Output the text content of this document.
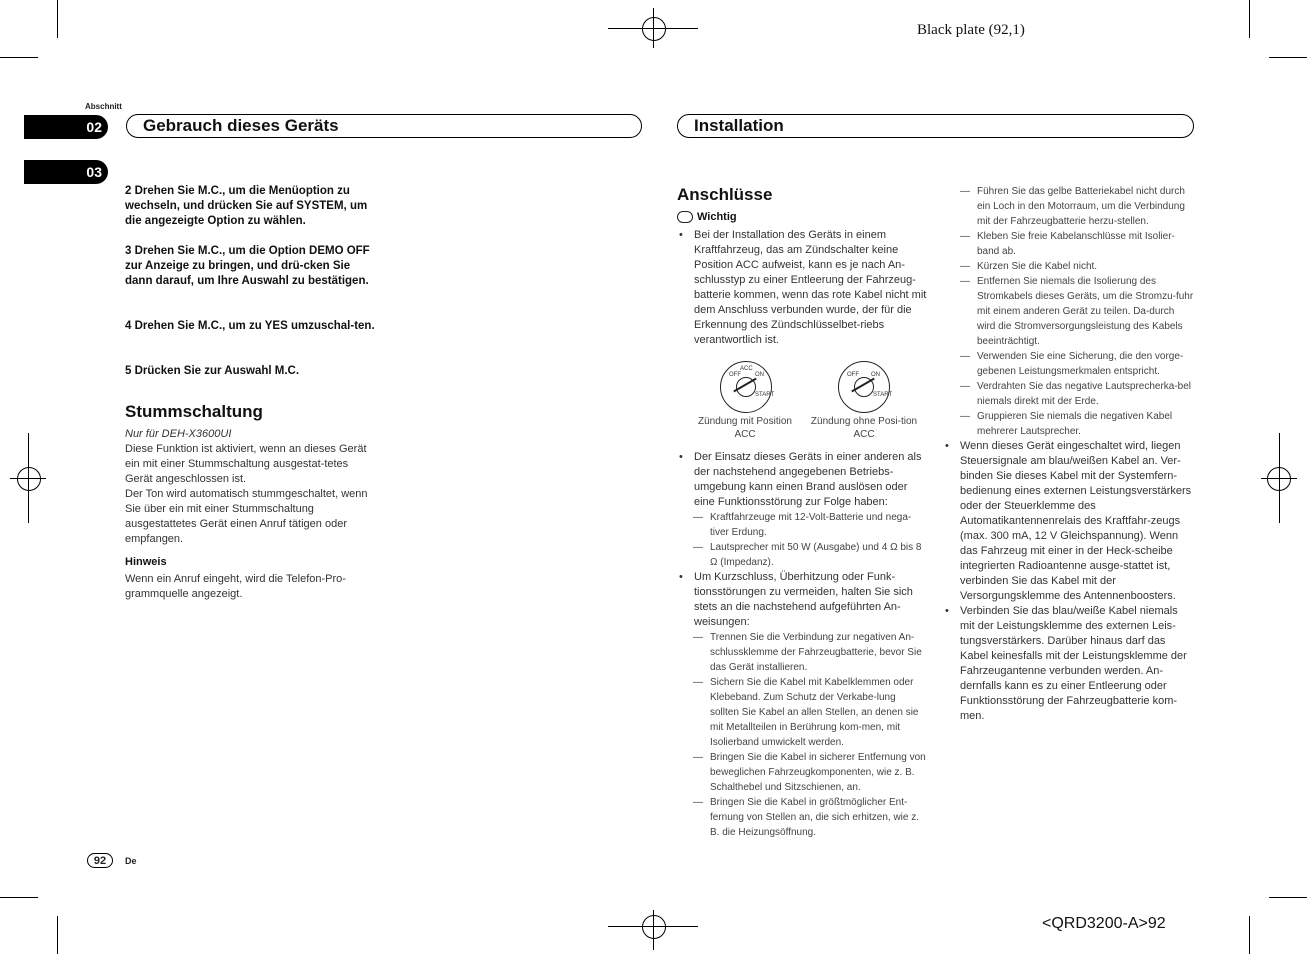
Black plate (92,1)
<QRD3200-A>92
Abschnitt
02
03
Gebrauch dieses Geräts	Installation
2 Drehen Sie M.C., um die Menüoption zu wechseln, und drücken Sie auf SYSTEM, um die angezeigte Option zu wählen.
3 Drehen Sie M.C., um die Option DEMO OFF zur Anzeige zu bringen, und drü-cken Sie dann darauf, um Ihre Auswahl zu bestätigen.
4 Drehen Sie M.C., um zu YES umzuschal-ten.
5 Drücken Sie zur Auswahl M.C.
Stummschaltung
Nur für DEH-X3600UI
Diese Funktion ist aktiviert, wenn an dieses Gerät ein mit einer Stummschaltung ausgestat-tetes Gerät angeschlossen ist.
Der Ton wird automatisch stummgeschaltet, wenn Sie über ein mit einer Stummschaltung ausgestattetes Gerät einen Anruf tätigen oder empfangen.
Hinweis
Wenn ein Anruf eingeht, wird die Telefon-Pro-grammquelle angezeigt.
Anschlüsse
Wichtig
• Bei der Installation des Geräts in einem Kraftfahrzeug, das am Zündschalter keine Position ACC aufweist, kann es je nach An-schlusstyp zu einer Entleerung der Fahrzeug-batterie kommen, wenn das rote Kabel nicht mit dem Anschluss verbunden wurde, der für die Erkennung des Zündschlüsselbet-riebs verantwortlich ist.
OFF
ACC
ON
START
OFF ON
START
Zündung mit Position ACC
Zündung ohne Posi-tion ACC
• Der Einsatz dieses Geräts in einer anderen als der nachstehend angegebenen Betriebs-umgebung kann einen Brand auslösen oder eine Funktionsstörung zur Folge haben:
— Kraftfahrzeuge mit 12-Volt-Batterie und nega-tiver Erdung.
— Lautsprecher mit 50 W (Ausgabe) und 4 Ω bis 8 Ω (Impedanz).
• Um Kurzschluss, Überhitzung oder Funk-tionsstörungen zu vermeiden, halten Sie sich stets an die nachstehend aufgeführten An-weisungen:
— Trennen Sie die Verbindung zur negativen An-schlussklemme der Fahrzeugbatterie, bevor Sie das Gerät installieren.
— Sichern Sie die Kabel mit Kabelklemmen oder Klebeband. Zum Schutz der Verkabe-lung sollten Sie Kabel an allen Stellen, an denen sie mit Metallteilen in Berührung kom-men, mit Isolierband umwickelt werden.
— Bringen Sie die Kabel in sicherer Entfernung von beweglichen Fahrzeugkomponenten, wie z. B. Schalthebel und Sitzschienen, an.
— Bringen Sie die Kabel in größtmöglicher Ent-fernung von Stellen an, die sich erhitzen, wie z. B. die Heizungsöffnung.
— Führen Sie das gelbe Batteriekabel nicht durch ein Loch in den Motorraum, um die Verbindung mit der Fahrzeugbatterie herzu-stellen.
— Kleben Sie freie Kabelanschlüsse mit Isolier-band ab.
— Kürzen Sie die Kabel nicht.
— Entfernen Sie niemals die Isolierung des Stromkabels dieses Geräts, um die Stromzu-fuhr mit einem anderen Gerät zu teilen. Da-durch wird die Stromversorgungsleistung des Kabels beeinträchtigt.
— Verwenden Sie eine Sicherung, die den vorge-gebenen Leistungsmerkmalen entspricht.
— Verdrahten Sie das negative Lautsprecherka-bel niemals direkt mit der Erde.
— Gruppieren Sie niemals die negativen Kabel mehrerer Lautsprecher.
• Wenn dieses Gerät eingeschaltet wird, liegen Steuersignale am blau/weißen Kabel an. Ver-binden Sie dieses Kabel mit der Systemfern-bedienung eines externen Leistungsverstärkers oder der Steuerklemme des Automatikantennenrelais des Kraftfahr-zeugs (max. 300 mA, 12 V Gleichspannung). Wenn das Fahrzeug mit einer in der Heck-scheibe integrierten Radioantenne ausge-stattet ist, verbinden Sie das Kabel mit der Versorgungsklemme des Antennenboosters.
• Verbinden Sie das blau/weiße Kabel niemals mit der Leistungsklemme des externen Leis-tungsverstärkers. Darüber hinaus darf das Kabel keinesfalls mit der Leistungsklemme der Fahrzeugantenne verbunden werden. An-dernfalls kann es zu einer Entleerung oder Funktionsstörung der Fahrzeugbatterie kom-men.
92	De
